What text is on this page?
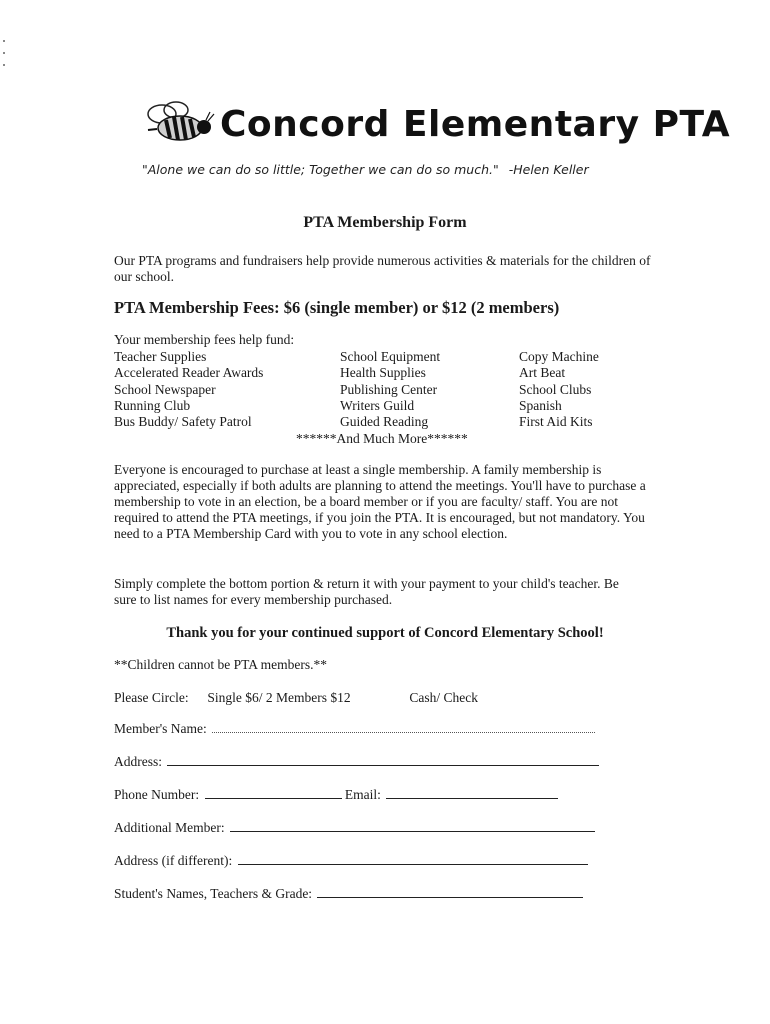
Concord Elementary PTA
"Alone we can do so little; Together we can do so much." -Helen Keller
PTA Membership Form
Our PTA programs and fundraisers help provide numerous activities & materials for the children of our school.
PTA Membership Fees: $6 (single member) or $12 (2 members)
Your membership fees help fund:
Teacher Supplies
Accelerated Reader Awards
School Newspaper
Running Club
Bus Buddy/ Safety Patrol
School Equipment
Health Supplies
Publishing Center
Writers Guild
Guided Reading
Copy Machine
Art Beat
School Clubs
Spanish
First Aid Kits
******And Much More******
Everyone is encouraged to purchase at least a single membership. A family membership is appreciated, especially if both adults are planning to attend the meetings. You'll have to purchase a membership to vote in an election, be a board member or if you are faculty/ staff. You are not required to attend the PTA meetings, if you join the PTA. It is encouraged, but not mandatory. You need to a PTA Membership Card with you to vote in any school election.
Simply complete the bottom portion & return it with your payment to your child's teacher. Be sure to list names for every membership purchased.
Thank you for your continued support of Concord Elementary School!
**Children cannot be PTA members.**
Please Circle: Single $6/ 2 Members $12	Cash/ Check
Member's Name:
Address:
Phone Number:	Email:
Additional Member:
Address (if different):
Student's Names, Teachers & Grade:
